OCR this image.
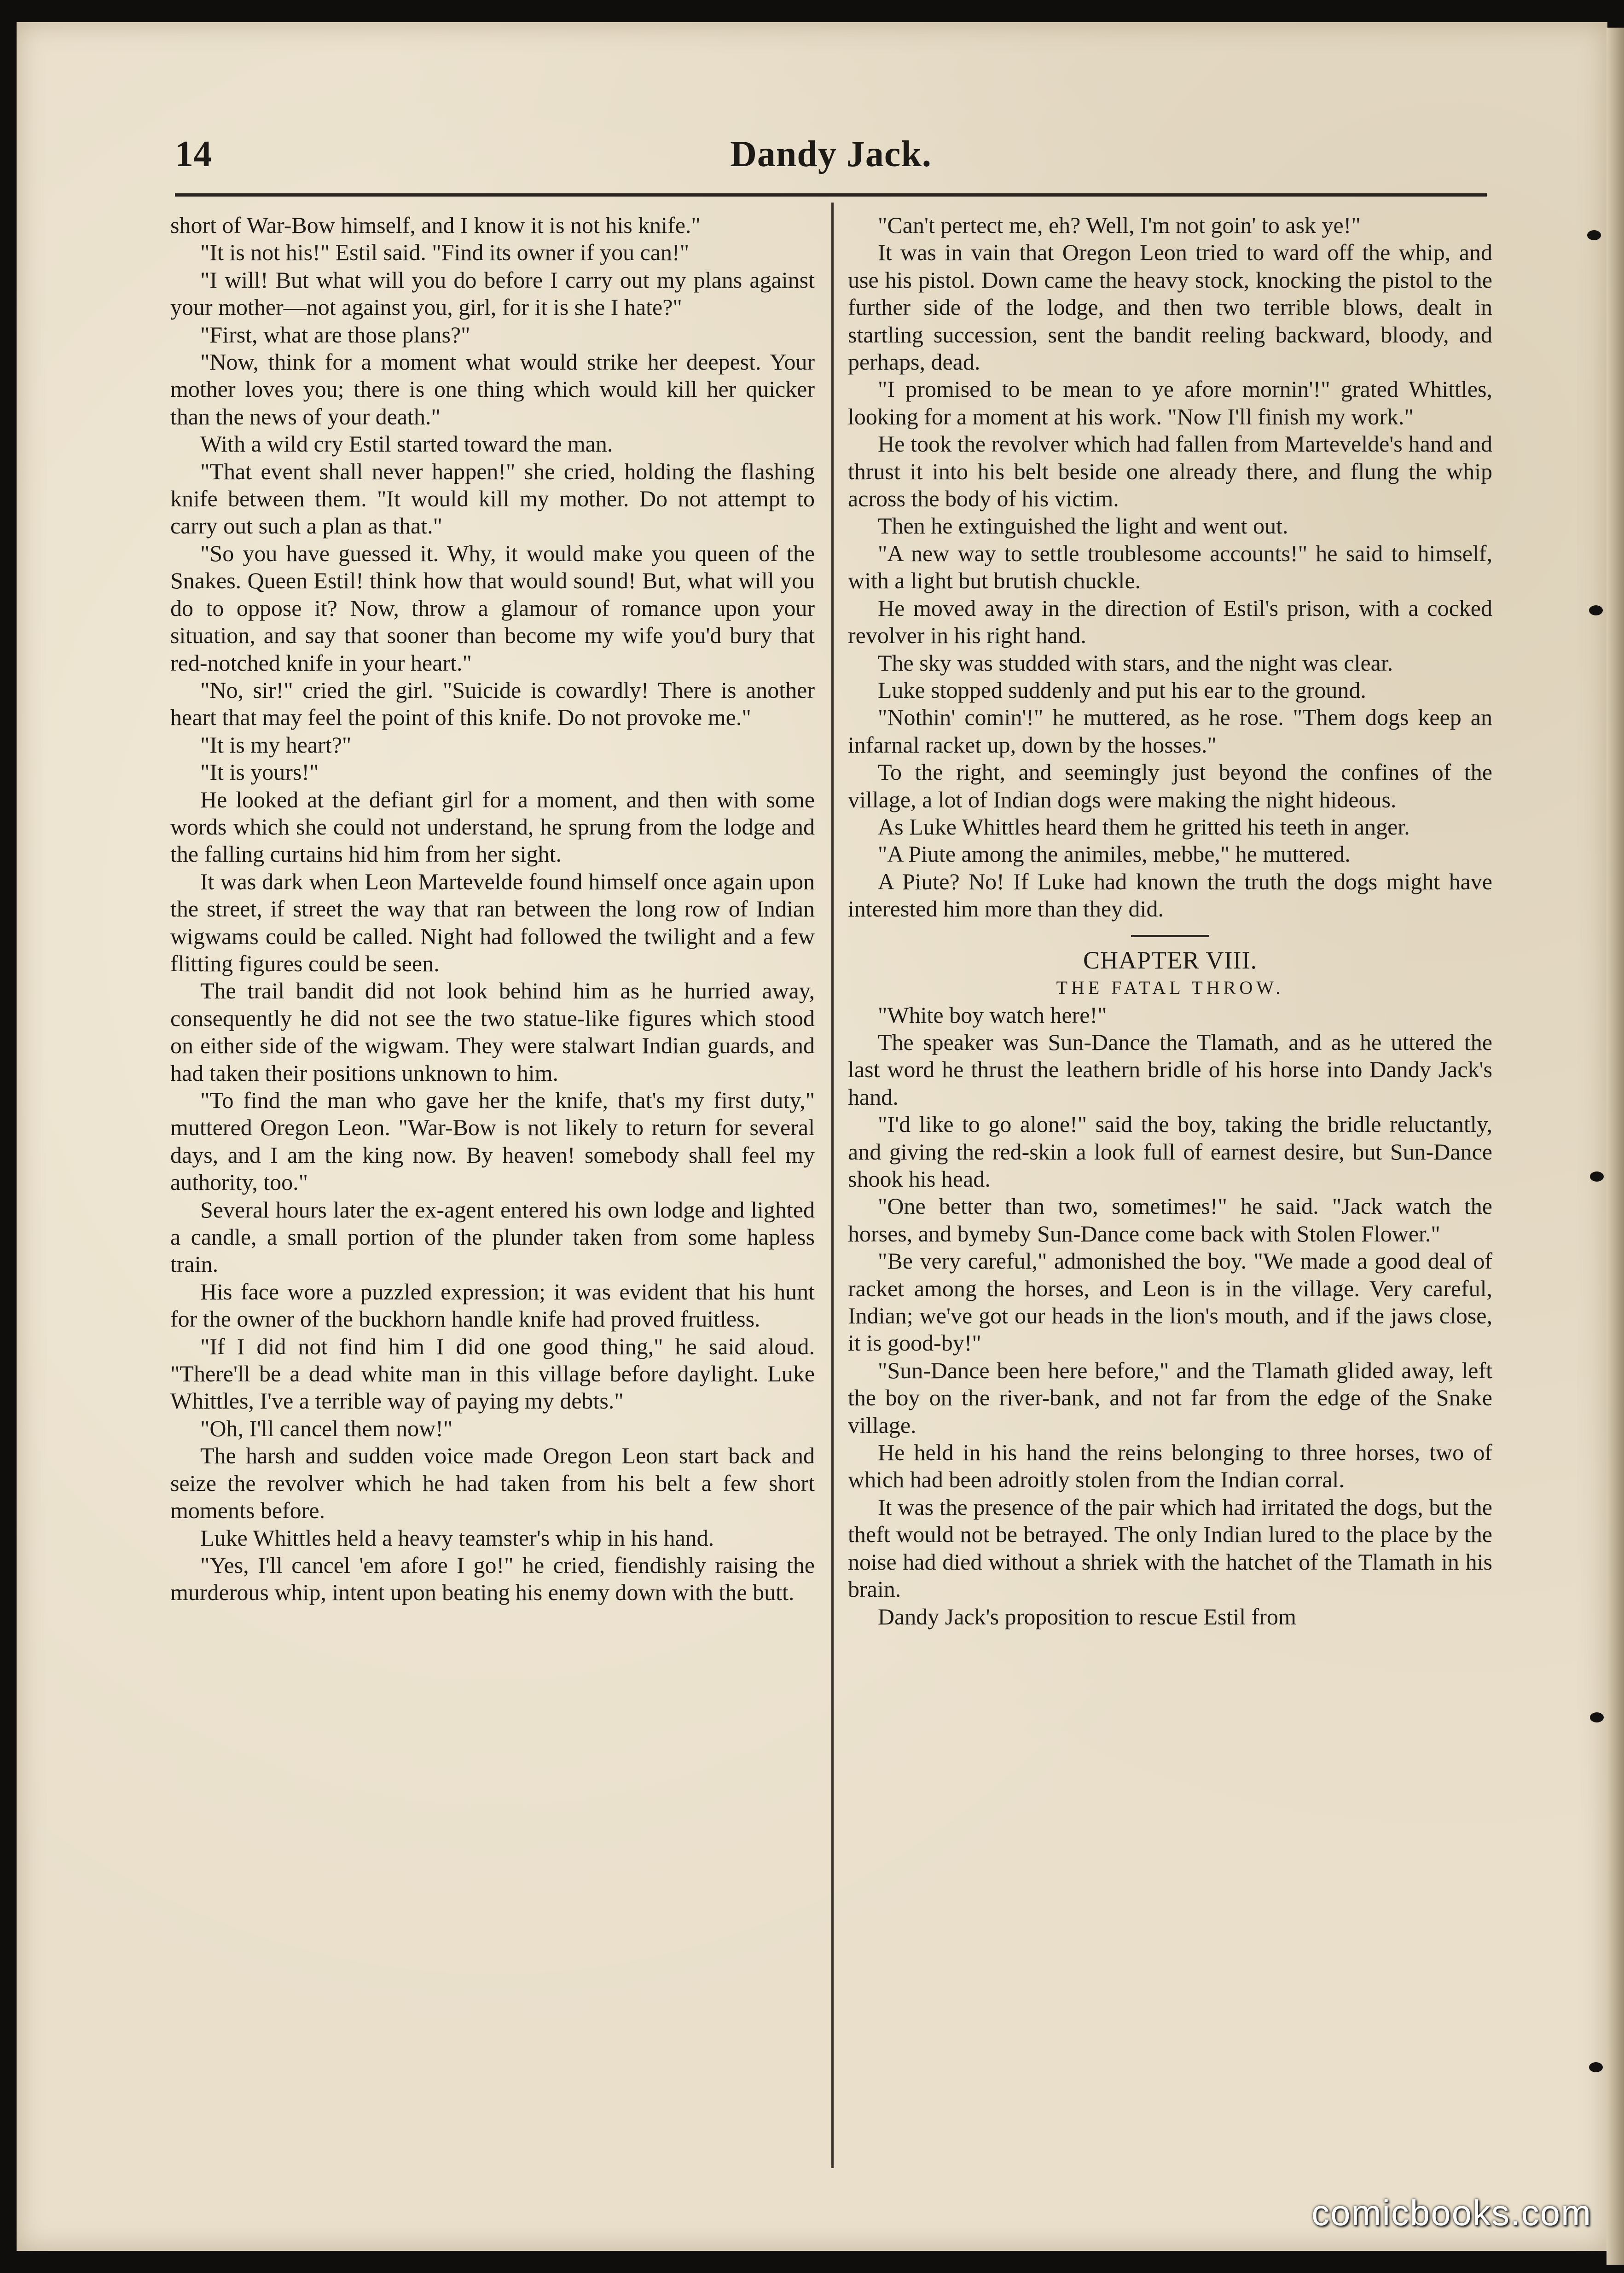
14	Dandy Jack.

short of War-Bow himself, and I know it is not his knife."

"It is not his!" Estil said. "Find its owner if you can!"

"I will! But what will you do before I carry out my plans against your mother—not against you, girl, for it is she I hate?"

"First, what are those plans?"

"Now, think for a moment what would strike her deepest. Your mother loves you; there is one thing which would kill her quicker than the news of your death."

With a wild cry Estil started toward the man.

"That event shall never happen!" she cried, holding the flashing knife between them. "It would kill my mother. Do not attempt to carry out such a plan as that."

"So you have guessed it. Why, it would make you queen of the Snakes. Queen Estil! think how that would sound! But, what will you do to oppose it? Now, throw a glamour of romance upon your situation, and say that sooner than become my wife you'd bury that red-notched knife in your heart."

"No, sir!" cried the girl. "Suicide is cowardly! There is another heart that may feel the point of this knife. Do not provoke me."

"It is my heart?"

"It is yours!"

He looked at the defiant girl for a moment, and then with some words which she could not understand, he sprung from the lodge and the falling curtains hid him from her sight.

It was dark when Leon Martevelde found himself once again upon the street, if street the way that ran between the long row of Indian wigwams could be called. Night had followed the twilight and a few flitting figures could be seen.

The trail bandit did not look behind him as he hurried away, consequently he did not see the two statue-like figures which stood on either side of the wigwam. They were stalwart Indian guards, and had taken their positions unknown to him.

"To find the man who gave her the knife, that's my first duty," muttered Oregon Leon. "War-Bow is not likely to return for several days, and I am the king now. By heaven! somebody shall feel my authority, too."

Several hours later the ex-agent entered his own lodge and lighted a candle, a small portion of the plunder taken from some hapless train.

His face wore a puzzled expression; it was evident that his hunt for the owner of the buckhorn handle knife had proved fruitless.

"If I did not find him I did one good thing," he said aloud. "There'll be a dead white man in this village before daylight. Luke Whittles, I've a terrible way of paying my debts."

"Oh, I'll cancel them now!"

The harsh and sudden voice made Oregon Leon start back and seize the revolver which he had taken from his belt a few short moments before.

Luke Whittles held a heavy teamster's whip in his hand.

"Yes, I'll cancel 'em afore I go!" he cried, fiendishly raising the murderous whip, intent upon beating his enemy down with the butt.

"Can't pertect me, eh? Well, I'm not goin' to ask ye!"

It was in vain that Oregon Leon tried to ward off the whip, and use his pistol. Down came the heavy stock, knocking the pistol to the further side of the lodge, and then two terrible blows, dealt in startling succession, sent the bandit reeling backward, bloody, and perhaps, dead.

"I promised to be mean to ye afore mornin'!" grated Whittles, looking for a moment at his work. "Now I'll finish my work."

He took the revolver which had fallen from Martevelde's hand and thrust it into his belt beside one already there, and flung the whip across the body of his victim.

Then he extinguished the light and went out.

"A new way to settle troublesome accounts!" he said to himself, with a light but brutish chuckle.

He moved away in the direction of Estil's prison, with a cocked revolver in his right hand.

The sky was studded with stars, and the night was clear.

Luke stopped suddenly and put his ear to the ground.

"Nothin' comin'!" he muttered, as he rose. "Them dogs keep an infarnal racket up, down by the hosses."

To the right, and seemingly just beyond the confines of the village, a lot of Indian dogs were making the night hideous.

As Luke Whittles heard them he gritted his teeth in anger.

"A Piute among the animiles, mebbe," he muttered.

A Piute? No! If Luke had known the truth the dogs might have interested him more than they did.

CHAPTER VIII.
THE FATAL THROW.

"White boy watch here!"

The speaker was Sun-Dance the Tlamath, and as he uttered the last word he thrust the leathern bridle of his horse into Dandy Jack's hand.

"I'd like to go alone!" said the boy, taking the bridle reluctantly, and giving the red-skin a look full of earnest desire, but Sun-Dance shook his head.

"One better than two, sometimes!" he said. "Jack watch the horses, and bymeby Sun-Dance come back with Stolen Flower."

"Be very careful," admonished the boy. "We made a good deal of racket among the horses, and Leon is in the village. Very careful, Indian; we've got our heads in the lion's mouth, and if the jaws close, it is good-by!"

"Sun-Dance been here before," and the Tlamath glided away, left the boy on the river-bank, and not far from the edge of the Snake village.

He held in his hand the reins belonging to three horses, two of which had been adroitly stolen from the Indian corral.

It was the presence of the pair which had irritated the dogs, but the theft would not be betrayed. The only Indian lured to the place by the noise had died without a shriek with the hatchet of the Tlamath in his brain.

Dandy Jack's proposition to rescue Estil from

comicbooks.com
